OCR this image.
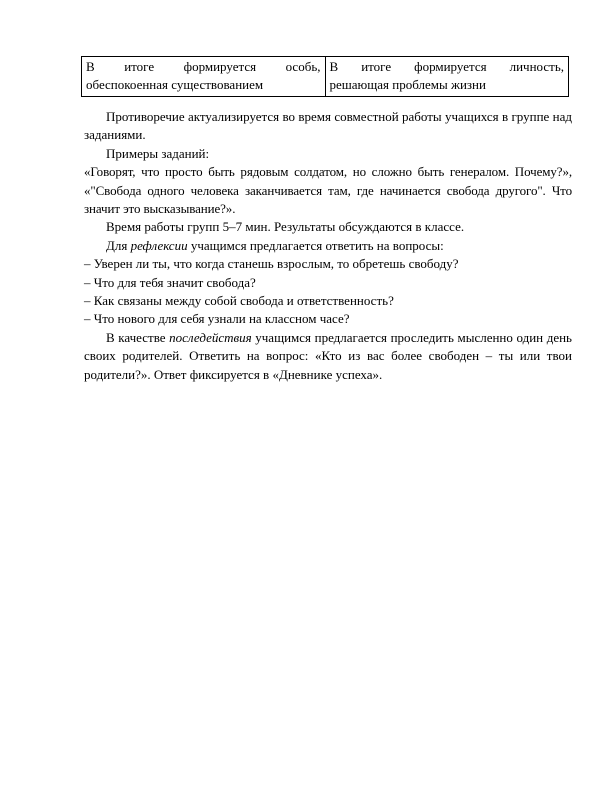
В итоге формируется особь, обеспокоенная существованием	В итоге формируется личность, решающая проблемы жизни

Противоречие актуализируется во время совместной работы учащихся в группе над заданиями.

Примеры заданий:

«Говорят, что просто быть рядовым солдатом, но сложно быть генералом. Почему?», «"Свобода одного человека заканчивается там, где начинается свобода другого". Что значит это высказывание?».

Время работы групп 5–7 мин. Результаты обсуждаются в классе.

Для рефлексии учащимся предлагается ответить на вопросы:

– Уверен ли ты, что когда станешь взрослым, то обретешь свободу?

– Что для тебя значит свобода?

– Как связаны между собой свобода и ответственность?

– Что нового для себя узнали на классном часе?

В качестве последействия учащимся предлагается проследить мысленно один день своих родителей. Ответить на вопрос: «Кто из вас более свободен – ты или твои родители?». Ответ фиксируется в «Дневнике успеха».
